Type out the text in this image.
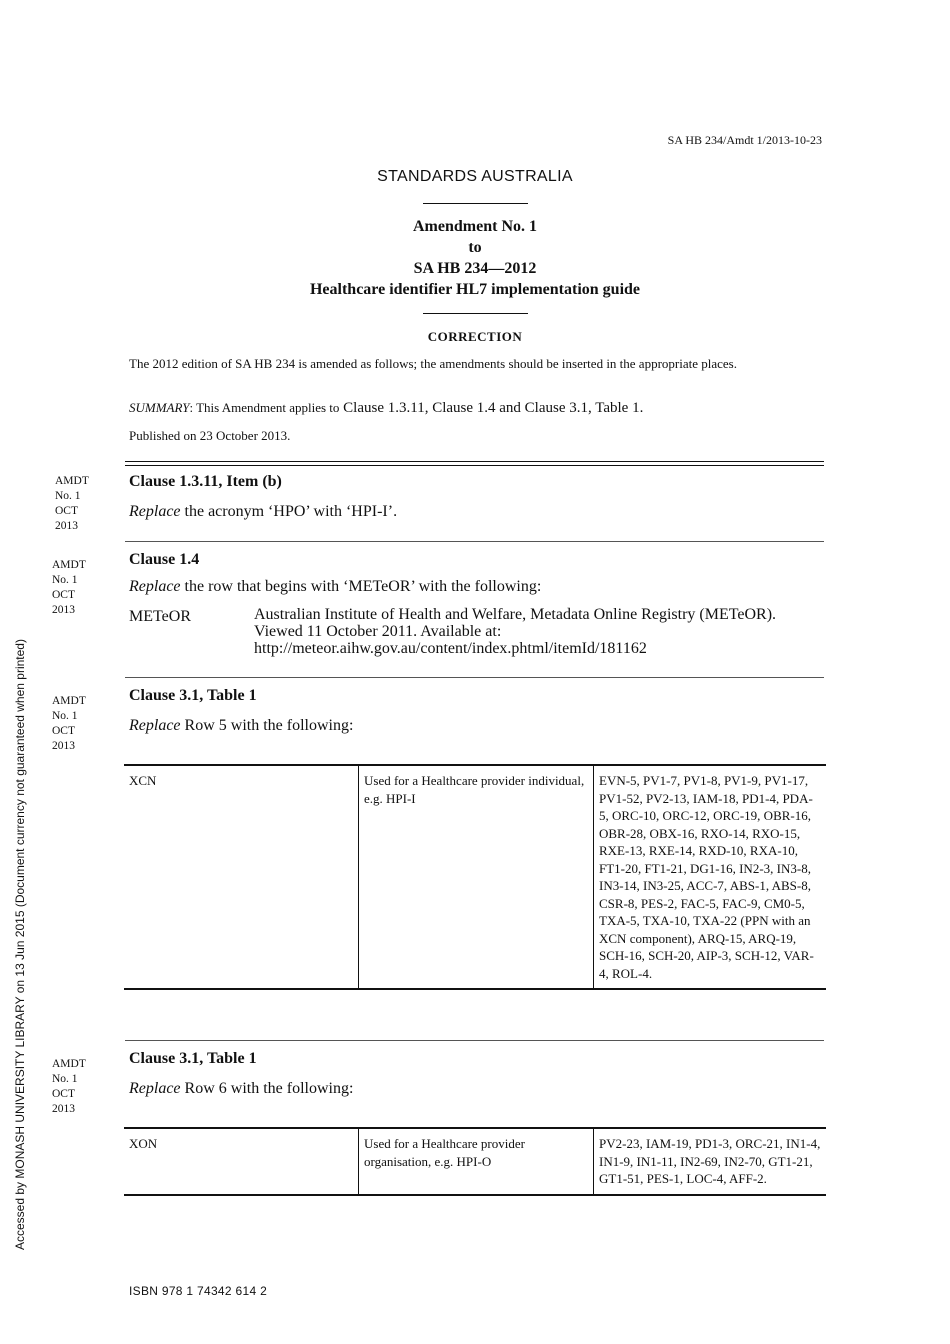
SA HB 234/Amdt 1/2013-10-23
STANDARDS AUSTRALIA
Amendment No. 1
to
SA HB 234—2012
Healthcare identifier HL7 implementation guide
CORRECTION
The 2012 edition of SA HB 234 is amended as follows; the amendments should be inserted in the appropriate places.
SUMMARY: This Amendment applies to Clause 1.3.11, Clause 1.4 and Clause 3.1, Table 1.
Published on 23 October 2013.
AMDT
No. 1
OCT
2013
Clause 1.3.11, Item (b)
Replace the acronym ‘HPO’ with ‘HPI-I’.
AMDT
No. 1
OCT
2013
Clause 1.4
Replace the row that begins with ‘METeOR’ with the following:
METeOR	Australian Institute of Health and Welfare, Metadata Online Registry (METeOR). Viewed 11 October 2011. Available at: http://meteor.aihw.gov.au/content/index.phtml/itemId/181162
AMDT
No. 1
OCT
2013
Clause 3.1, Table 1
Replace Row 5 with the following:
XCN	Used for a Healthcare provider individual, e.g. HPI-I	EVN-5, PV1-7, PV1-8, PV1-9, PV1-17, PV1-52, PV2-13, IAM-18, PD1-4, PDA-5, ORC-10, ORC-12, ORC-19, OBR-16, OBR-28, OBX-16, RXO-14, RXO-15, RXE-13, RXE-14, RXD-10, RXA-10, FT1-20, FT1-21, DG1-16, IN2-3, IN3-8, IN3-14, IN3-25, ACC-7, ABS-1, ABS-8, CSR-8, PES-2, FAC-5, FAC-9, CM0-5, TXA-5, TXA-10, TXA-22 (PPN with an XCN component), ARQ-15, ARQ-19, SCH-16, SCH-20, AIP-3, SCH-12, VAR-4, ROL-4.
AMDT
No. 1
OCT
2013
Clause 3.1, Table 1
Replace Row 6 with the following:
XON	Used for a Healthcare provider organisation, e.g. HPI-O	PV2-23, IAM-19, PD1-3, ORC-21, IN1-4, IN1-9, IN1-11, IN2-69, IN2-70, GT1-21, GT1-51, PES-1, LOC-4, AFF-2.
Accessed by MONASH UNIVERSITY LIBRARY on 13 Jun 2015 (Document currency not guaranteed when printed)
ISBN 978 1 74342 614 2
